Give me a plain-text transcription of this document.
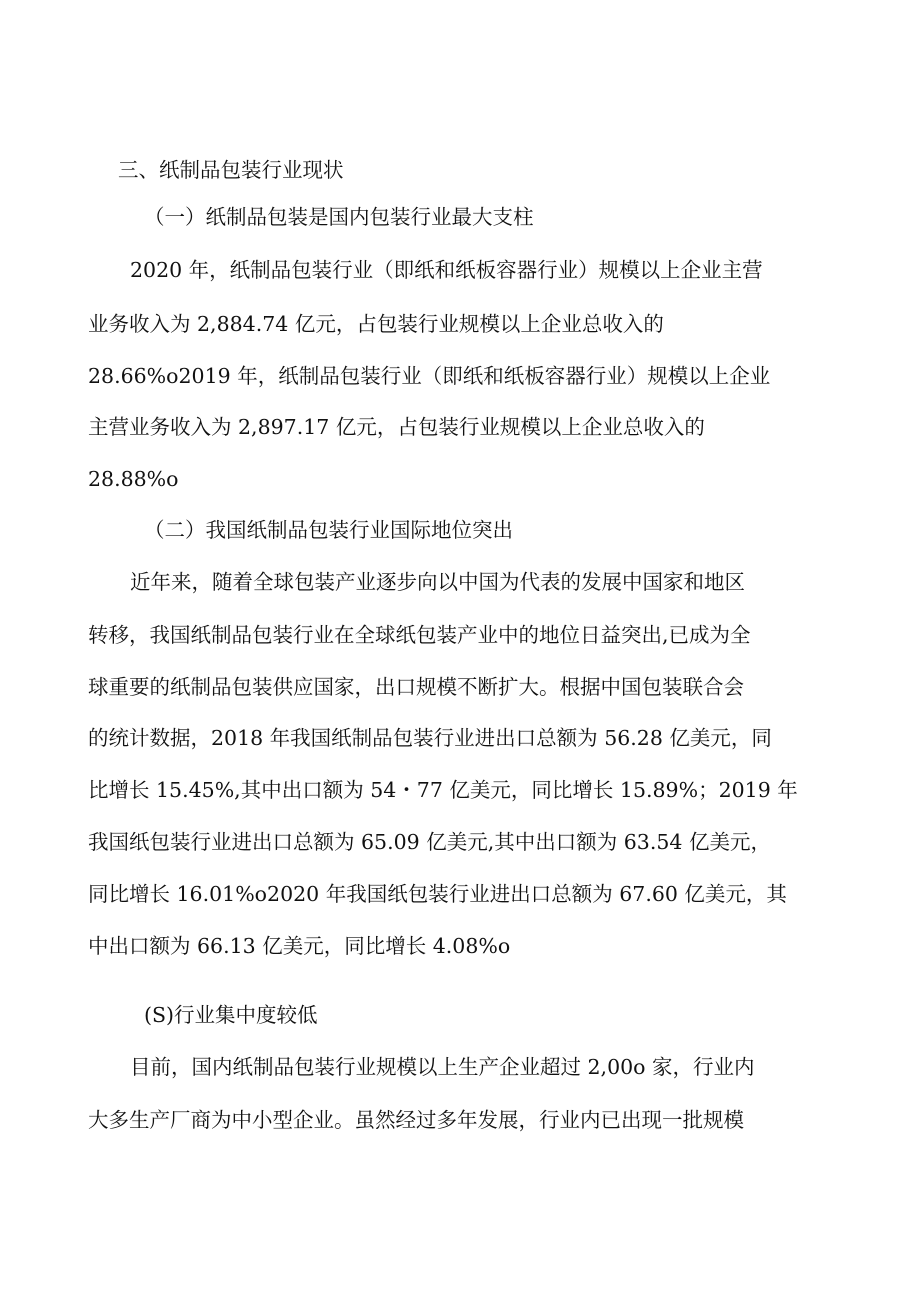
三、纸制品包装行业现状
（一）纸制品包装是国内包装行业最大支柱
2020 年，纸制品包装行业（即纸和纸板容器行业）规模以上企业主营
业务收入为 2,884.74 亿元，占包装行业规模以上企业总收入的
28.66%o2019 年，纸制品包装行业（即纸和纸板容器行业）规模以上企业
主营业务收入为 2,897.17 亿元，占包装行业规模以上企业总收入的
28.88%o
（二）我国纸制品包装行业国际地位突出
近年来，随着全球包装产业逐步向以中国为代表的发展中国家和地区
转移，我国纸制品包装行业在全球纸包装产业中的地位日益突出,已成为全
球重要的纸制品包装供应国家，出口规模不断扩大。根据中国包装联合会
的统计数据，2018 年我国纸制品包装行业进出口总额为 56.28 亿美元，同
比增长 15.45%,其中出口额为 54・77 亿美元，同比增长 15.89%；2019 年
我国纸包装行业进出口总额为 65.09 亿美元,其中出口额为 63.54 亿美元，
同比增长 16.01%o2020 年我国纸包装行业进出口总额为 67.60 亿美元，其
中出口额为 66.13 亿美元，同比增长 4.08%o
(S)行业集中度较低
目前，国内纸制品包装行业规模以上生产企业超过 2,00o 家，行业内
大多生产厂商为中小型企业。虽然经过多年发展，行业内已出现一批规模
